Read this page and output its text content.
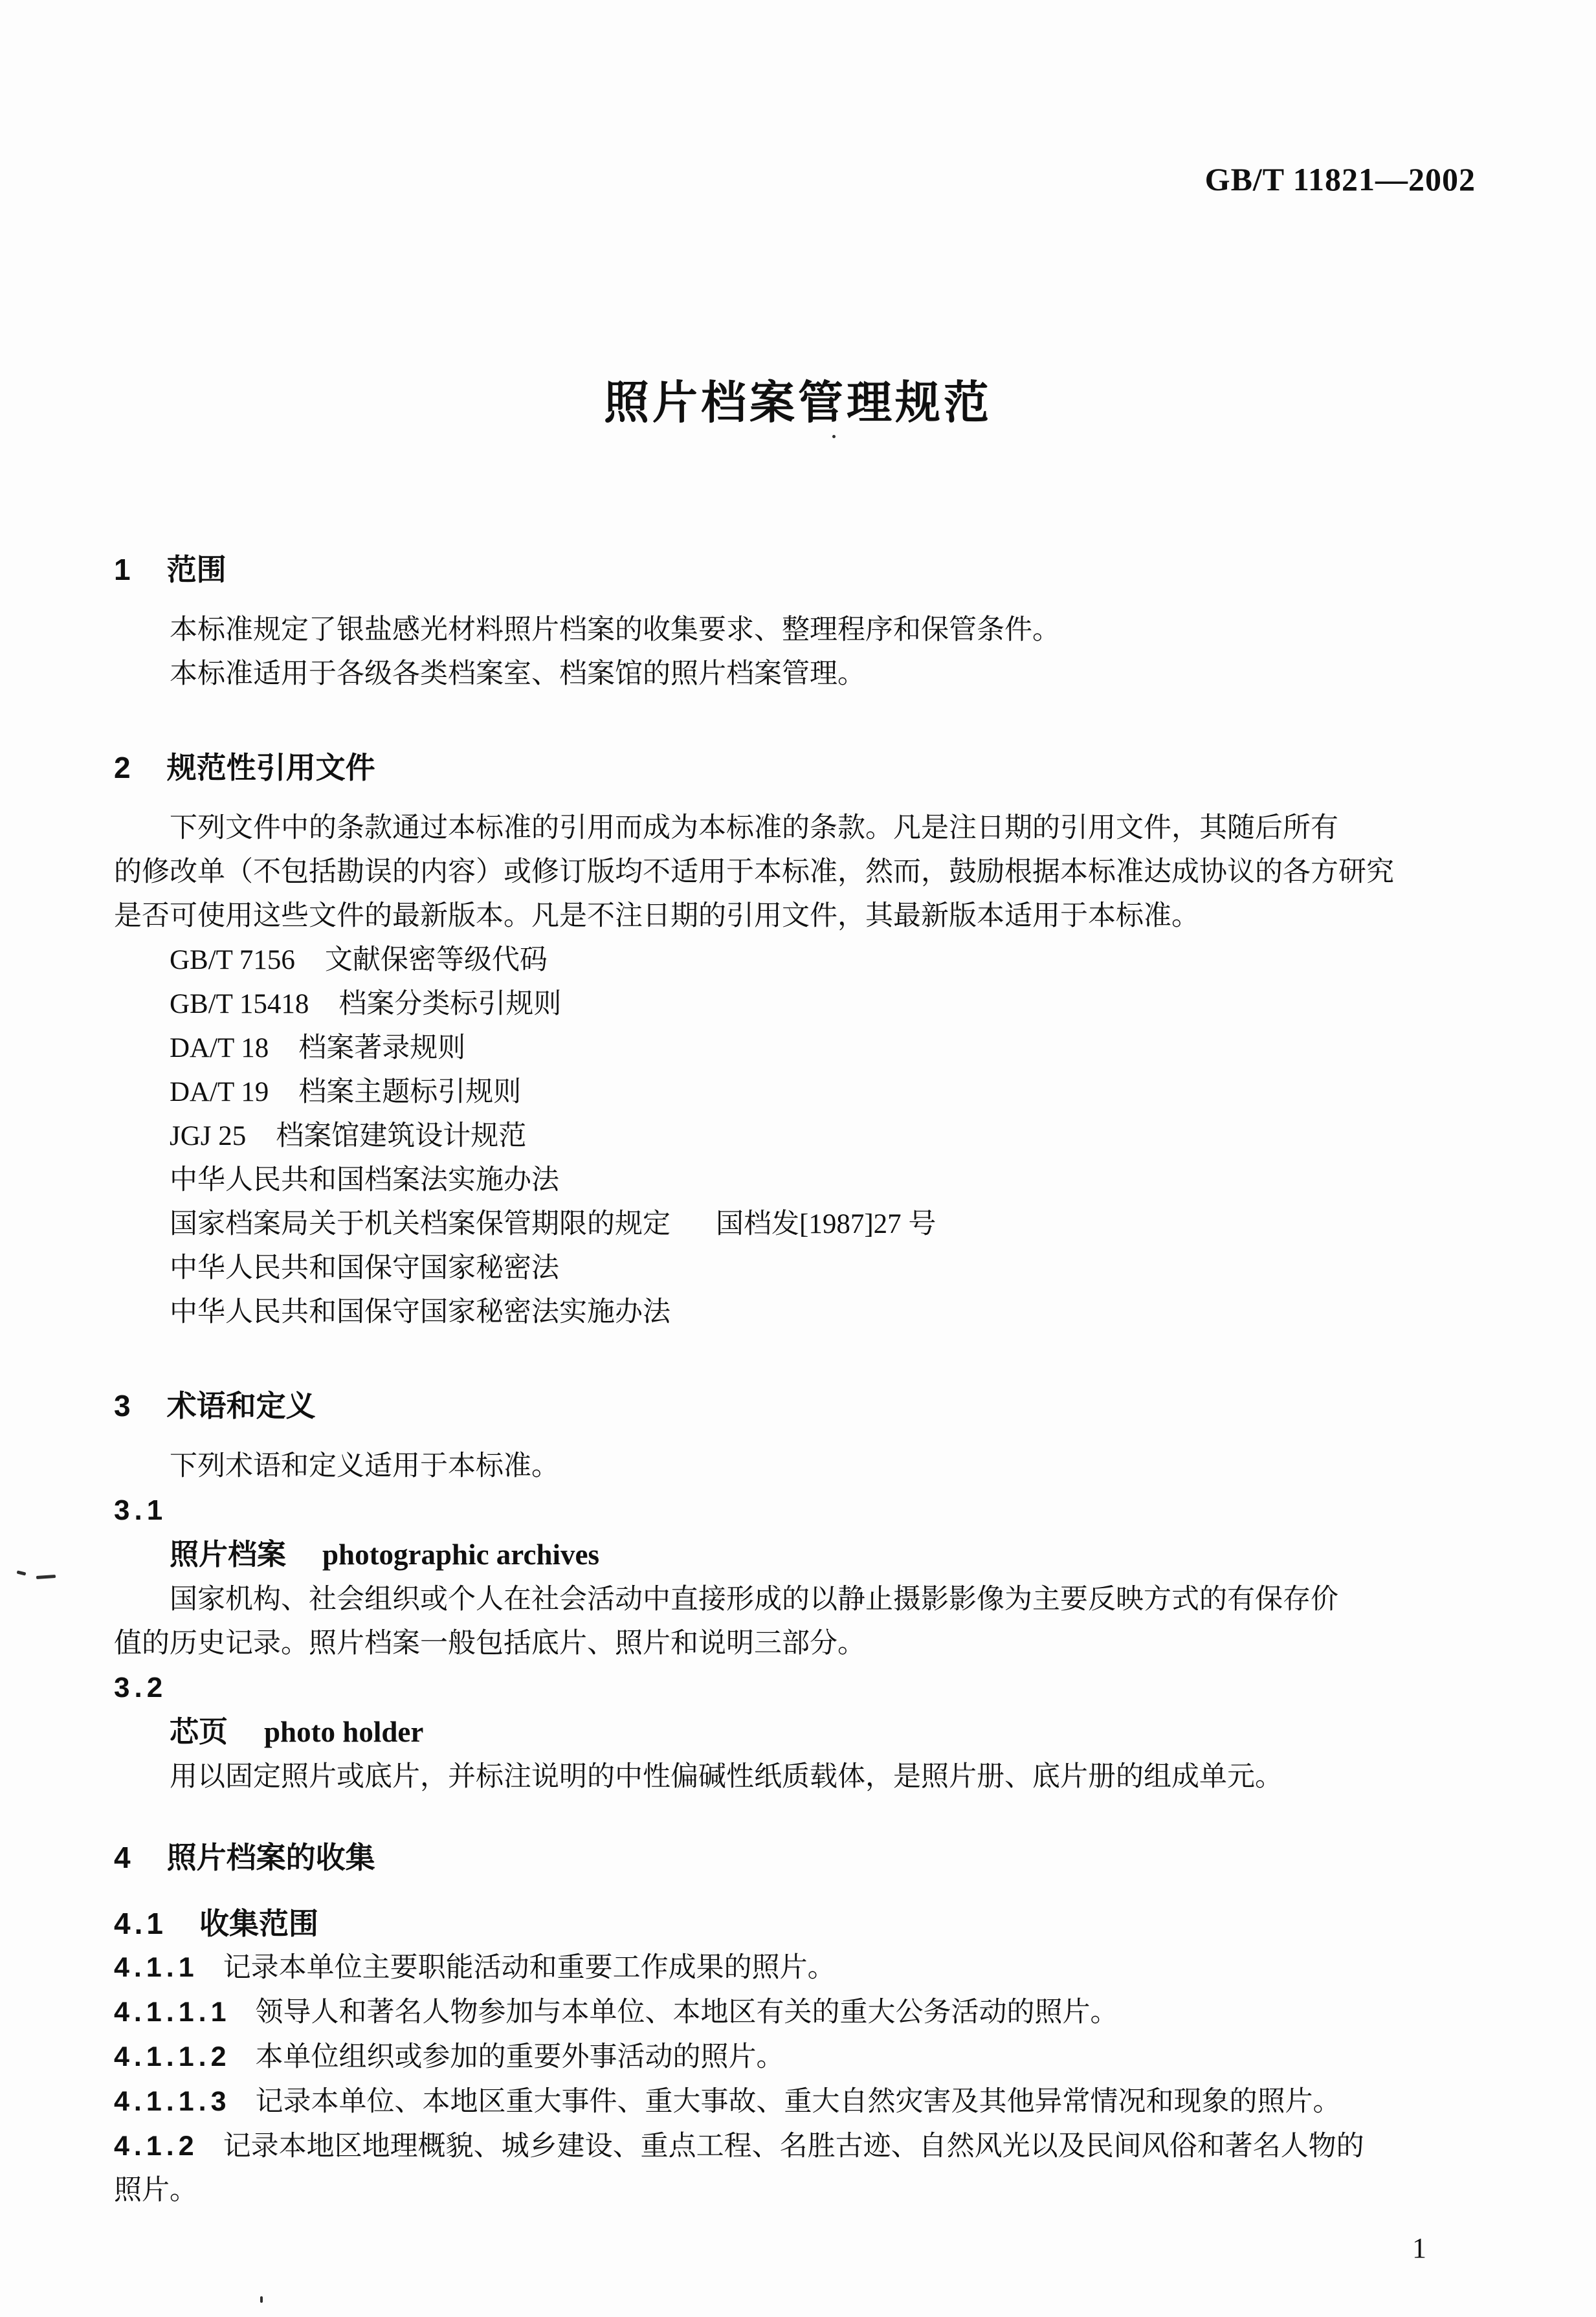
GB/T 11821—2002
照片档案管理规范
1 范围
本标准规定了银盐感光材料照片档案的收集要求、整理程序和保管条件。
本标准适用于各级各类档案室、档案馆的照片档案管理。
2 规范性引用文件
下列文件中的条款通过本标准的引用而成为本标准的条款。凡是注日期的引用文件，其随后所有
的修改单（不包括勘误的内容）或修订版均不适用于本标准，然而，鼓励根据本标准达成协议的各方研究
是否可使用这些文件的最新版本。凡是不注日期的引用文件，其最新版本适用于本标准。
GB/T 7156 文献保密等级代码
GB/T 15418 档案分类标引规则
DA/T 18 档案著录规则
DA/T 19 档案主题标引规则
JGJ 25 档案馆建筑设计规范
中华人民共和国档案法实施办法
国家档案局关于机关档案保管期限的规定 国档发[1987]27 号
中华人民共和国保守国家秘密法
中华人民共和国保守国家秘密法实施办法
3 术语和定义
下列术语和定义适用于本标准。
3.1
照片档案 photographic archives
国家机构、社会组织或个人在社会活动中直接形成的以静止摄影影像为主要反映方式的有保存价
值的历史记录。照片档案一般包括底片、照片和说明三部分。
3.2
芯页 photo holder
用以固定照片或底片，并标注说明的中性偏碱性纸质载体，是照片册、底片册的组成单元。
4 照片档案的收集
4.1 收集范围
4.1.1 记录本单位主要职能活动和重要工作成果的照片。
4.1.1.1 领导人和著名人物参加与本单位、本地区有关的重大公务活动的照片。
4.1.1.2 本单位组织或参加的重要外事活动的照片。
4.1.1.3 记录本单位、本地区重大事件、重大事故、重大自然灾害及其他异常情况和现象的照片。
4.1.2 记录本地区地理概貌、城乡建设、重点工程、名胜古迹、自然风光以及民间风俗和著名人物的
照片。
1
